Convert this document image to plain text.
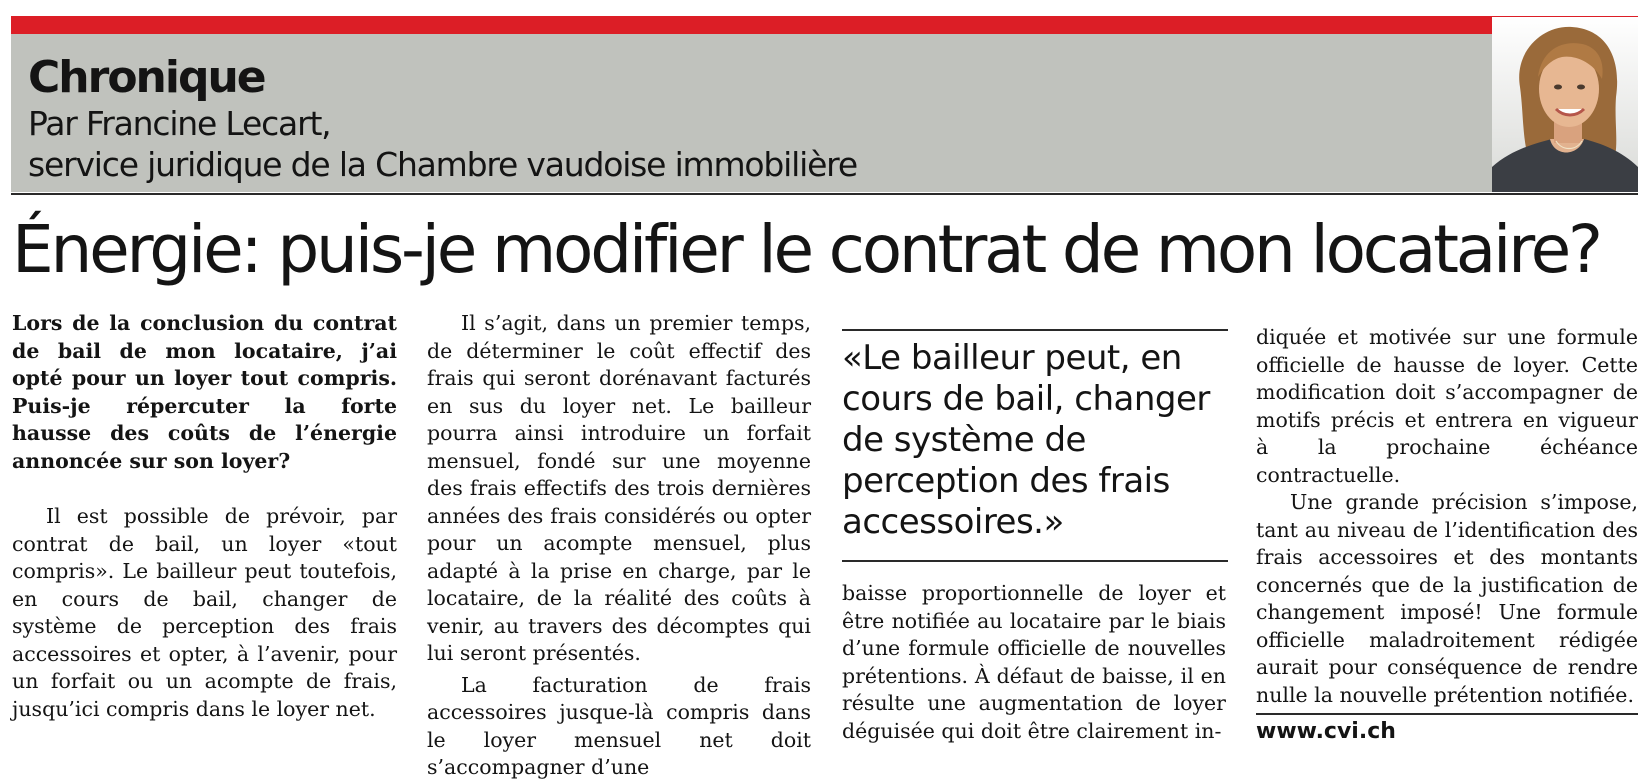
Chronique
Par Francine Lecart,
service juridique de la Chambre vaudoise immobilière
Énergie: puis-je modifier le contrat de mon locataire?

Lors de la conclusion du contrat de bail de mon locataire, j’ai opté pour un loyer tout compris. Puis-je répercuter la forte hausse des coûts de l’énergie annoncée sur son loyer?

Il est possible de prévoir, par contrat de bail, un loyer «tout compris». Le bailleur peut toutefois, en cours de bail, changer de système de perception des frais accessoires et opter, à l’avenir, pour un forfait ou un acompte de frais, jusqu’ici compris dans le loyer net.

Il s’agit, dans un premier temps, de déterminer le coût effectif des frais qui seront dorénavant facturés en sus du loyer net. Le bailleur pourra ainsi introduire un forfait mensuel, fondé sur une moyenne des frais effectifs des trois dernières années des frais considérés ou opter pour un acompte mensuel, plus adapté à la prise en charge, par le locataire, de la réalité des coûts à venir, au travers des décomptes qui lui seront présentés.

La facturation de frais accessoires jusque-là compris dans le loyer mensuel net doit s’accompagner d’une

«Le bailleur peut, en cours de bail, changer de système de perception des frais accessoires.»

baisse proportionnelle de loyer et être notifiée au locataire par le biais d’une formule officielle de nouvelles prétentions. À défaut de baisse, il en résulte une augmentation de loyer déguisée qui doit être clairement in-

diquée et motivée sur une formule officielle de hausse de loyer. Cette modification doit s’accompagner de motifs précis et entrera en vigueur à la prochaine échéance contractuelle.

Une grande précision s’impose, tant au niveau de l’identification des frais accessoires et des montants concernés que de la justification de changement imposé! Une formule officielle maladroitement rédigée aurait pour conséquence de rendre nulle la nouvelle prétention notifiée.

www.cvi.ch
